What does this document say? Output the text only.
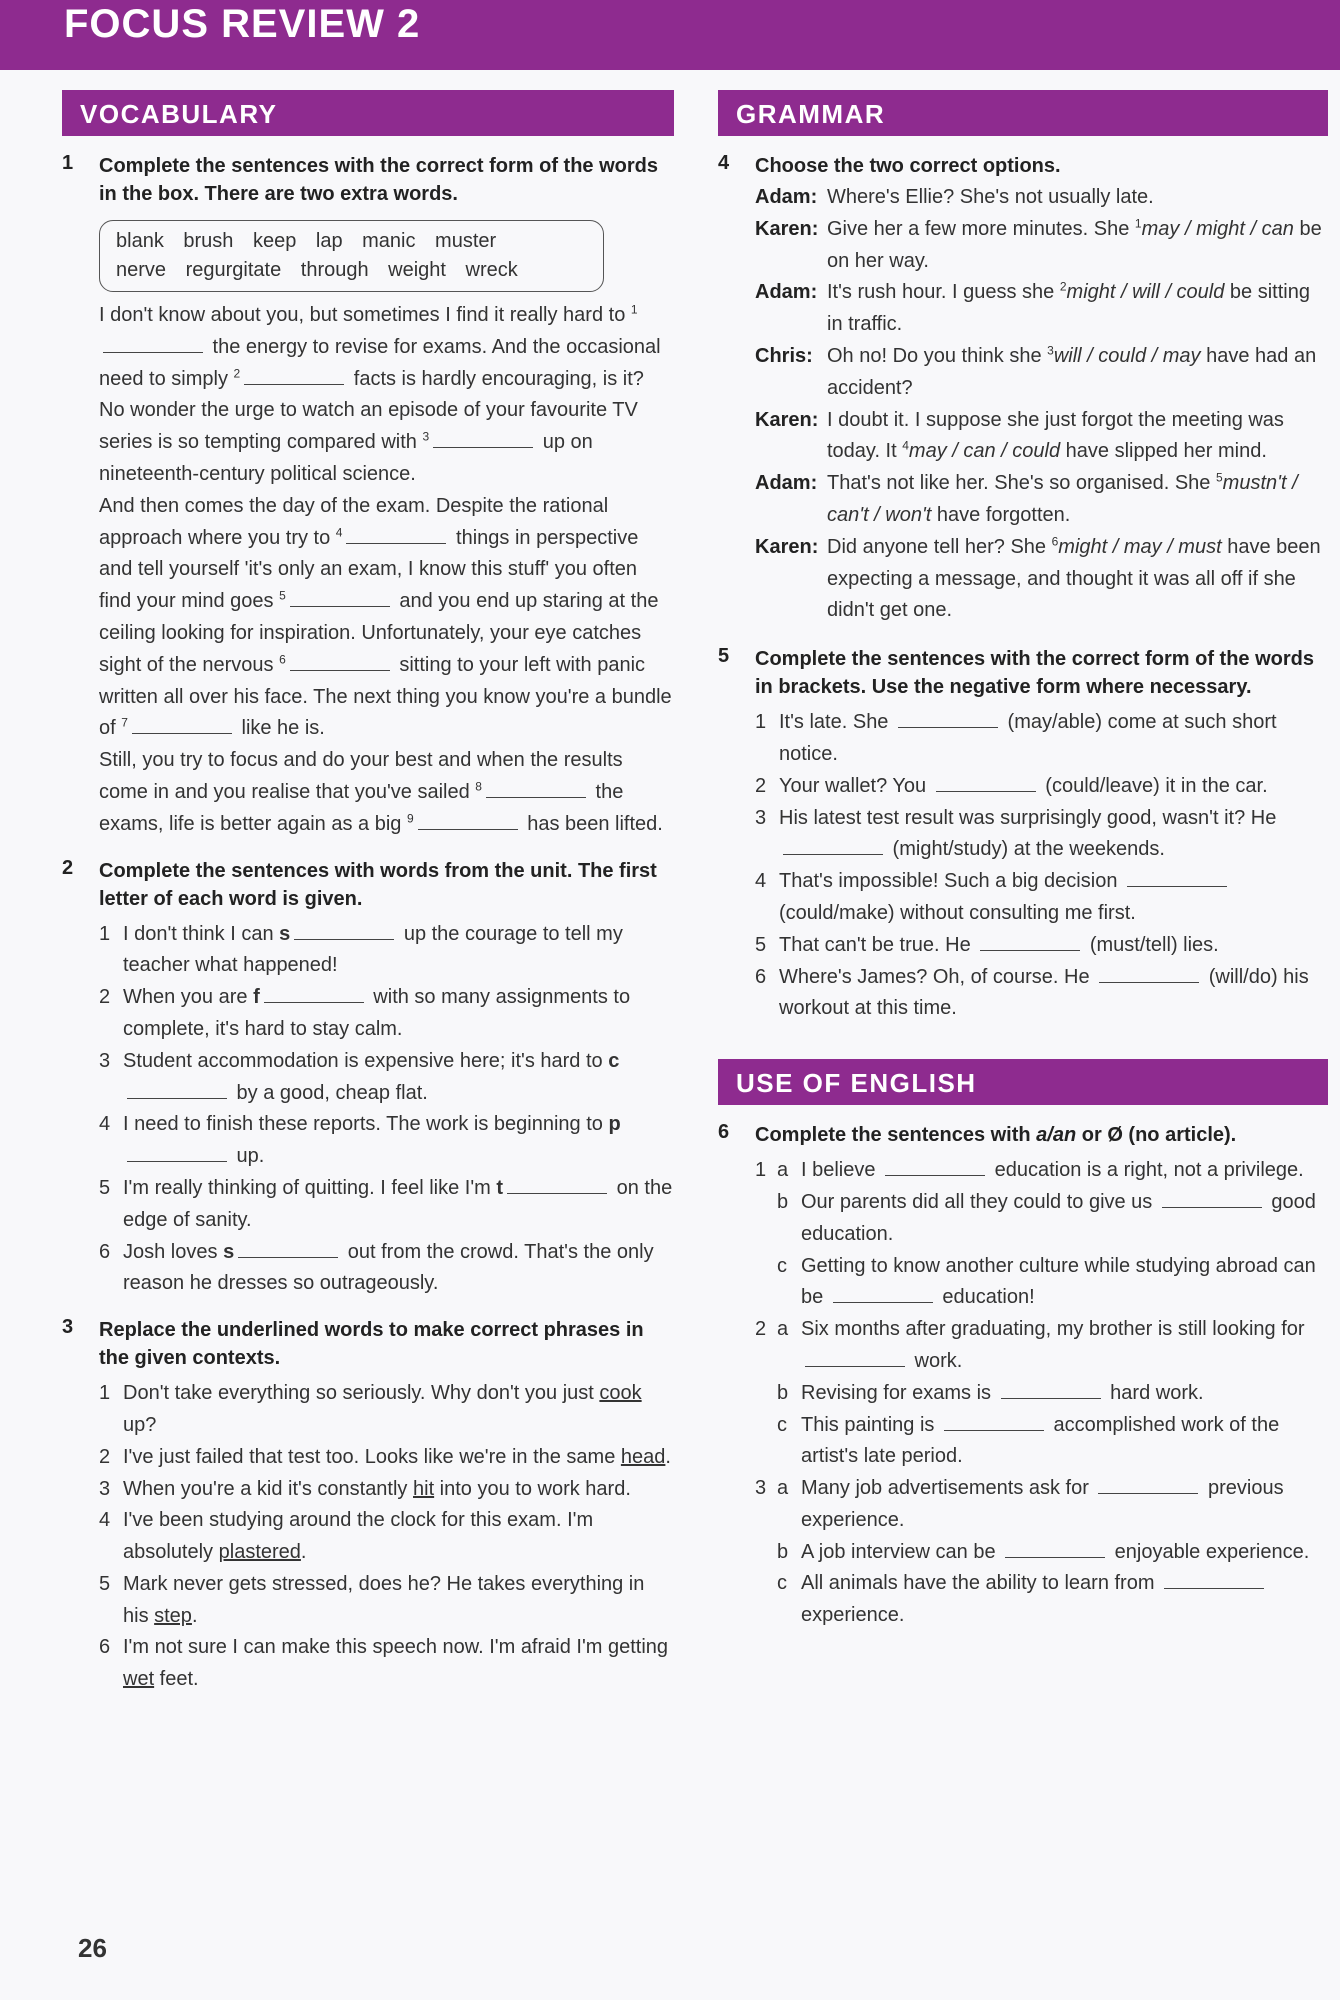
FOCUS REVIEW 2
VOCABULARY
1 Complete the sentences with the correct form of the words in the box. There are two extra words.
blank brush keep lap manic muster
nerve regurgitate through weight wreck
I don't know about you, but sometimes I find it really hard to $^1$ the energy to revise for exams. And the occasional need to simply $^2$	facts is hardly encouraging, is it? No wonder the urge to watch an episode of your favourite TV series is so tempting compared with $^3$	up on nineteenth-century political science.
And then comes the day of the exam. Despite the rational approach where you try to $^4$	things in perspective and tell yourself 'it's only an exam, I know this stuff' you often find your mind goes $^5$	and you end up staring at the ceiling looking for inspiration. Unfortunately, your eye catches sight of the nervous $^6$	sitting to your left with panic written all over his face. The next thing you know you're a bundle of $^7$	like he is.
Still, you try to focus and do your best and when the results come in and you realise that you've sailed $^8$	the exams, life is better again as a big $^9$	has been lifted.
2 Complete the sentences with words from the unit. The first letter of each word is given.
1 I don't think I can s	up the courage to tell my teacher what happened!
2 When you are f	with so many assignments to complete, it's hard to stay calm.
3 Student accommodation is expensive here; it's hard to c by a good, cheap flat.
4 I need to finish these reports. The work is beginning to p up.
5 I'm really thinking of quitting. I feel like I'm t	on the edge of sanity.
6 Josh loves s	out from the crowd. That's the only reason he dresses so outrageously.
3 Replace the underlined words to make correct phrases in the given contexts.
1 Don't take everything so seriously. Why don't you just cook up?
2 I've just failed that test too. Looks like we're in the same head.
3 When you're a kid it's constantly hit into you to work hard.
4 I've been studying around the clock for this exam. I'm absolutely plastered.
5 Mark never gets stressed, does he? He takes everything in his step.
6 I'm not sure I can make this speech now. I'm afraid I'm getting wet feet.
GRAMMAR
4 Choose the two correct options.
Adam: Where's Ellie? She's not usually late.
Karen: Give her a few more minutes. She $^1$may / might / can be on her way.
Adam: It's rush hour. I guess she $^2$might / will / could be sitting in traffic.
Chris: Oh no! Do you think she $^3$will / could / may have had an accident?
Karen: I doubt it. I suppose she just forgot the meeting was today. It $^4$may / can / could have slipped her mind.
Adam: That's not like her. She's so organised. She $^5$mustn't / can't / won't have forgotten.
Karen: Did anyone tell her? She $^6$might / may / must have been expecting a message, and thought it was all off if she didn't get one.
5 Complete the sentences with the correct form of the words in brackets. Use the negative form where necessary.
1 It's late. She	(may/able) come at such short notice.
2 Your wallet? You	(could/leave) it in the car.
3 His latest test result was surprisingly good, wasn't it? He  (might/study) at the weekends.
4 That's impossible! Such a big decision  (could/make) without consulting me first.
5 That can't be true. He	(must/tell) lies.
6 Where's James? Oh, of course. He	(will/do) his workout at this time.
USE OF ENGLISH
6 Complete the sentences with a/an or Ø (no article).
1 a I believe	education is a right, not a privilege.
b Our parents did all they could to give us	good education.
c Getting to know another culture while studying abroad can be	education!
2 a Six months after graduating, my brother is still looking for  work.
b Revising for exams is	hard work.
c This painting is	accomplished work of the artist's late period.
3 a Many job advertisements ask for	previous experience.
b A job interview can be	enjoyable experience.
c All animals have the ability to learn from  experience.
26
